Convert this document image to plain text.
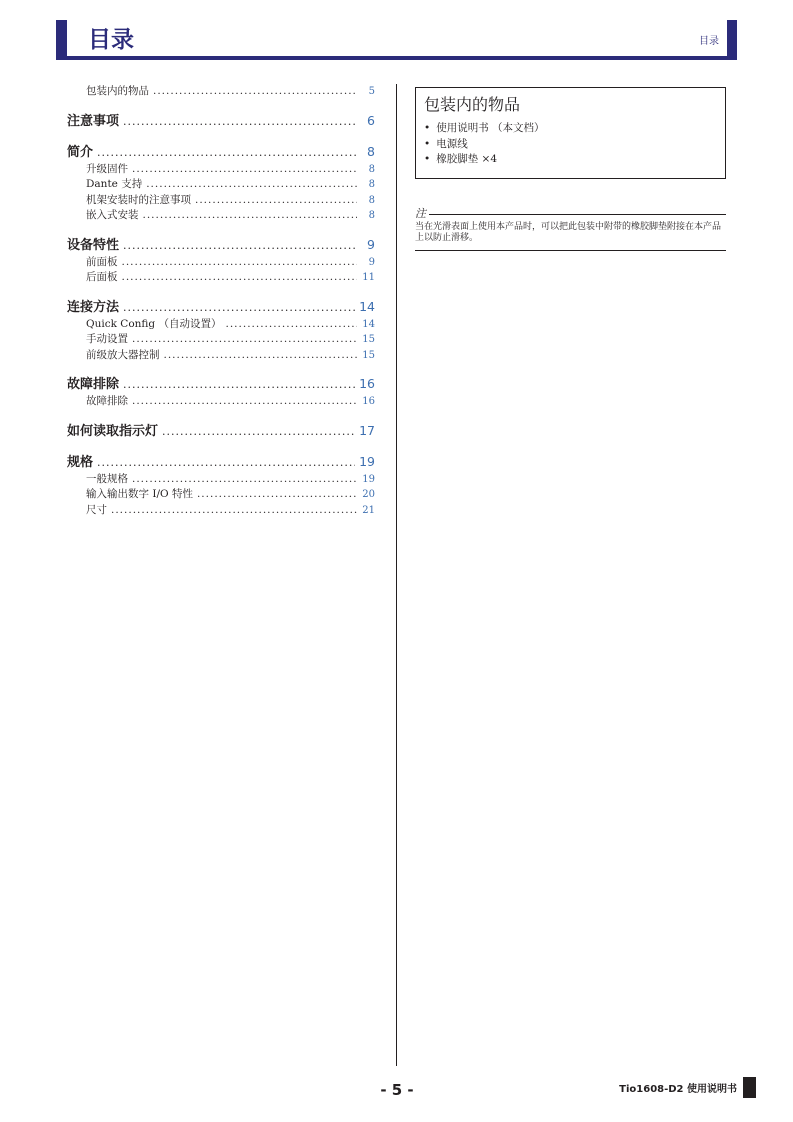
目录	目录
包装内的物品 .....	5
注意事项 .....	6
简介 .....	8
升级固件 .....	8
Dante 支持 .....	8
机架安装时的注意事项 .....	8
嵌入式安装 .....	8
设备特性 .....	9
前面板 .....	9
后面板 .....	11
连接方法 .....	14
Quick Config （自动设置） .....	14
手动设置 .....	15
前级放大器控制 .....	15
故障排除 .....	16
故障排除 .....	16
如何读取指示灯 .....	17
规格 .....	19
一般规格 .....	19
输入输出数字 I/O 特性 .....	20
尺寸 .....	21
包装内的物品
• 使用说明书 （本文档）
• 电源线
• 橡胶脚垫 ×4
注
当在光滑表面上使用本产品时，可以把此包装中附带的橡胶脚垫附接在本产品上以防止滑移。
- 5 -	Tio1608-D2 使用说明书
